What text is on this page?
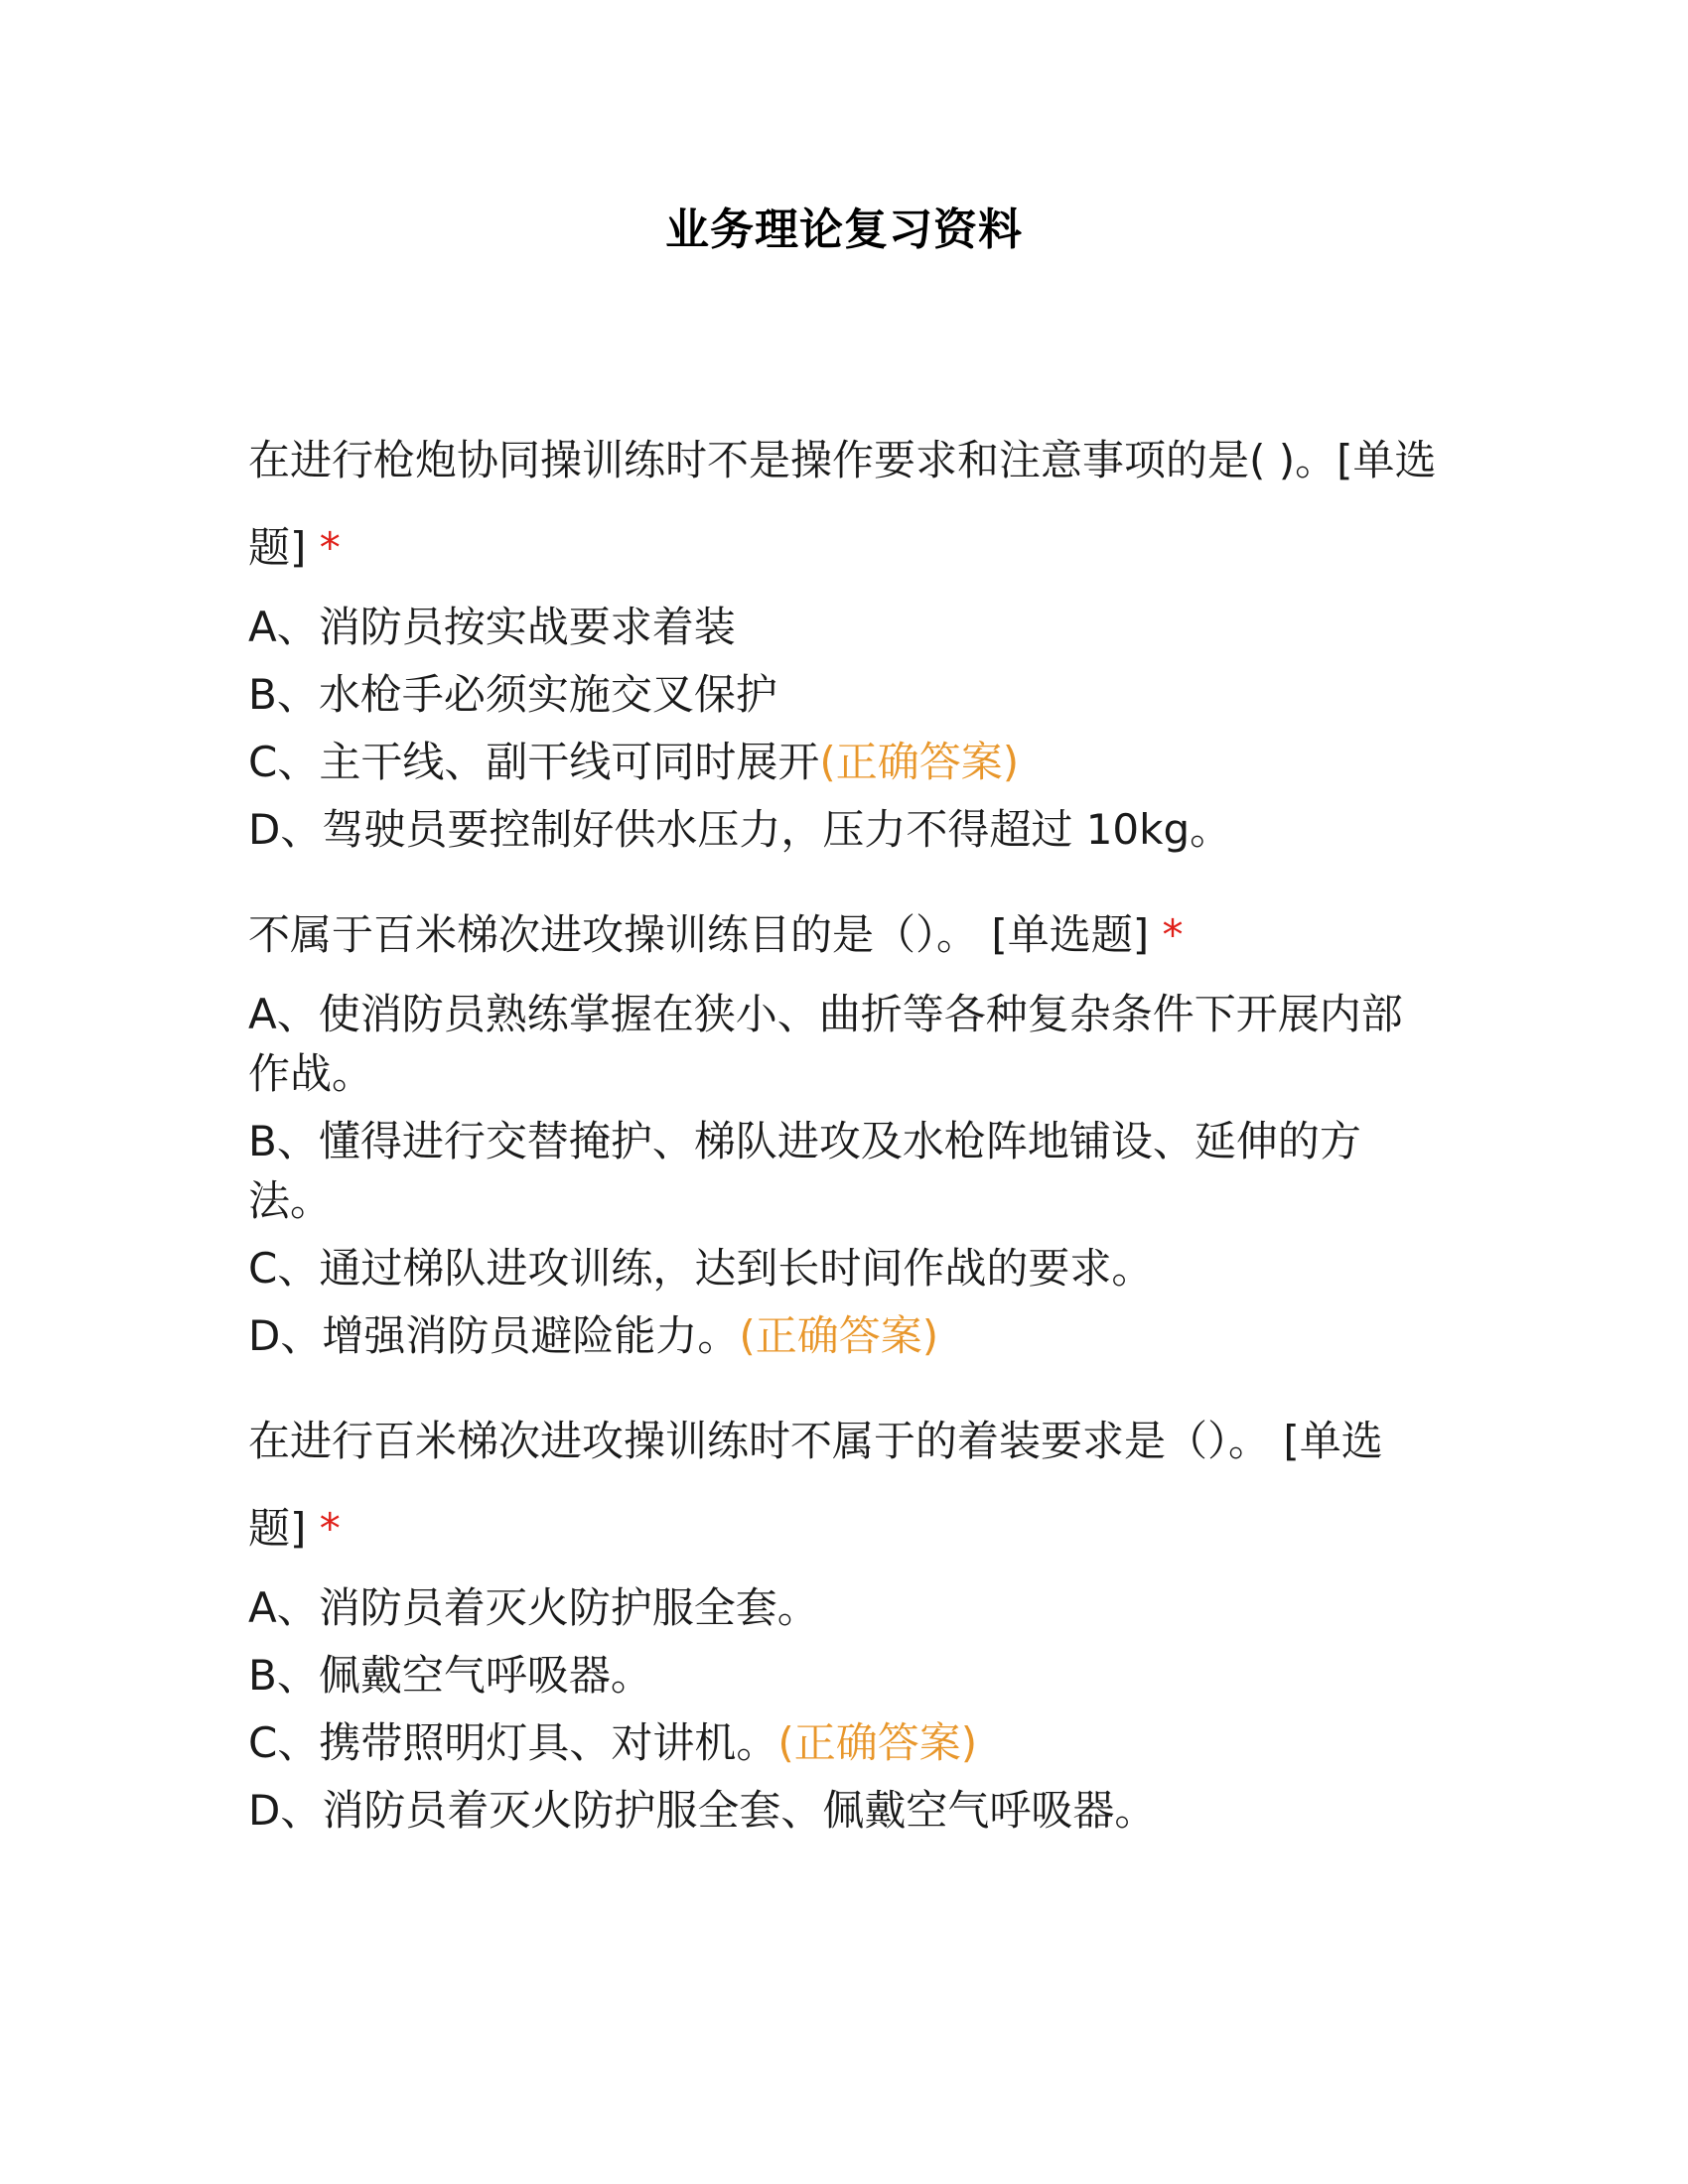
业务理论复习资料
在进行枪炮协同操训练时不是操作要求和注意事项的是( )。[单选题] *
A、消防员按实战要求着装
B、水枪手必须实施交叉保护
C、主干线、副干线可同时展开(正确答案)
D、驾驶员要控制好供水压力，压力不得超过 10kg。
不属于百米梯次进攻操训练目的是（）。 [单选题] *
A、使消防员熟练掌握在狭小、曲折等各种复杂条件下开展内部作战。
B、懂得进行交替掩护、梯队进攻及水枪阵地铺设、延伸的方法。
C、通过梯队进攻训练，达到长时间作战的要求。
D、增强消防员避险能力。(正确答案)
在进行百米梯次进攻操训练时不属于的着装要求是（）。 [单选题] *
A、消防员着灭火防护服全套。
B、佩戴空气呼吸器。
C、携带照明灯具、对讲机。(正确答案)
D、消防员着灭火防护服全套、佩戴空气呼吸器。
